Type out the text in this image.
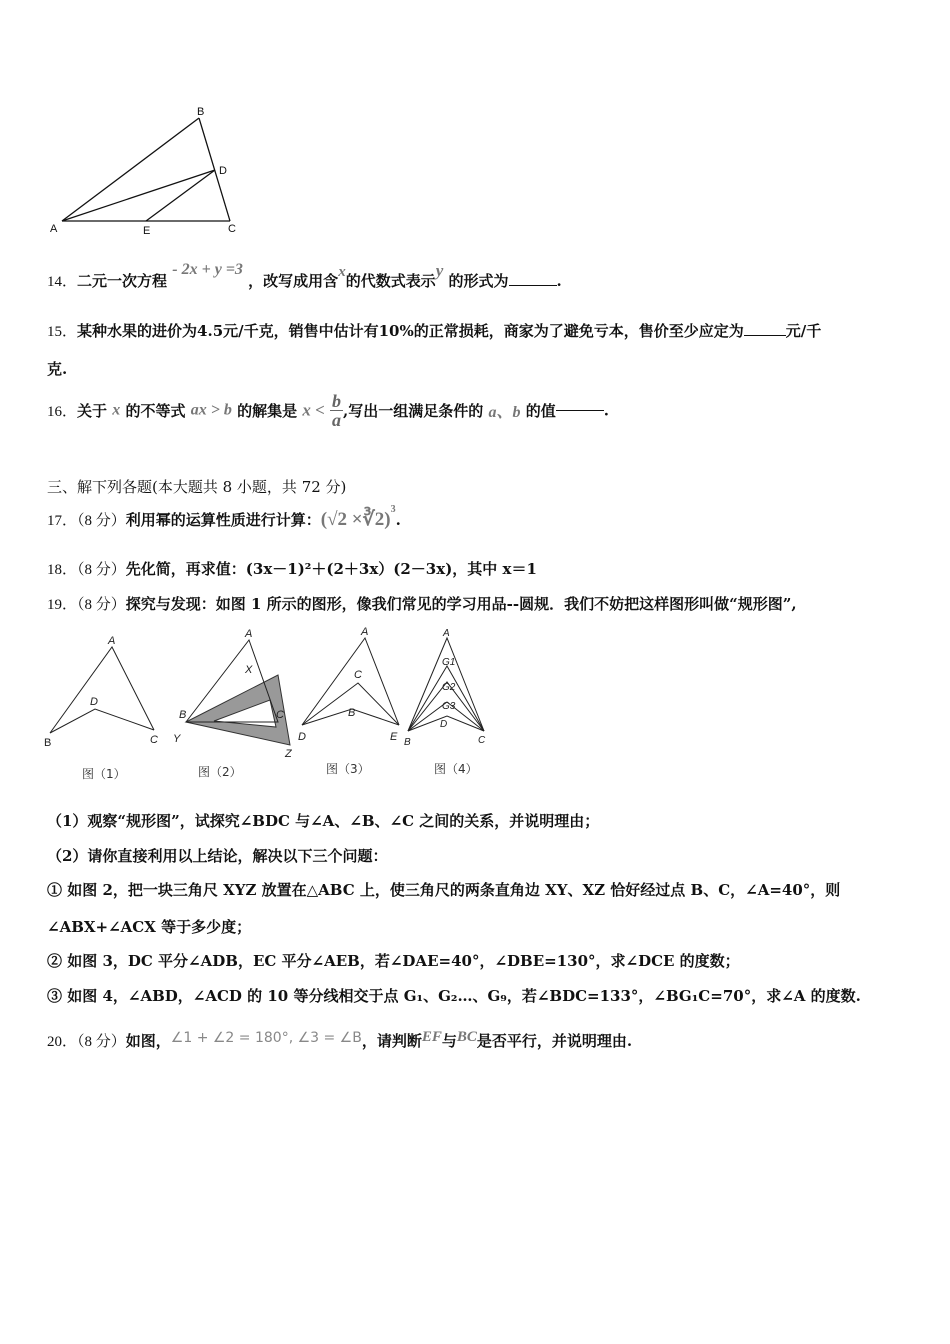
A
B
C
D
E
14．二元一次方程 - 2x + y =3 ，改写成用含x的代数式表示y 的形式为	.
15．某种水果的进价为4.5元/千克，销售中估计有10%的正常损耗，商家为了避免亏本，售价至少应定为	元/千
克.
16．关于 x 的不等式 ax > b 的解集是 $x < \frac{b}{a}$ ,写出一组满足条件的 a、b 的值	.
三、解下列各题(本大题共 8 小题，共 72 分)
17．（8 分）利用幂的运算性质进行计算：(√2 ×∛2)$^3$.
18．（8 分）先化简，再求值：(3x－1)²＋(2＋3x）(2－3x)，其中 x＝1
19．（8 分）探究与发现：如图 1 所示的图形，像我们常见的学习用品--圆规．我们不妨把这样图形叫做“规形图”,
A
B	C
D
图（1）
A
X
B	C
Y
Z
图（2）
A
C
B
D	E
图（3）
A
G1
G2
G3
D
B	C
图（4）
（1）观察“规形图”，试探究∠BDC 与∠A、∠B、∠C 之间的关系，并说明理由；
（2）请你直接利用以上结论，解决以下三个问题：
① 如图 2，把一块三角尺 XYZ 放置在△ABC 上，使三角尺的两条直角边 XY、XZ 恰好经过点 B、C，∠A=40°，则
∠ABX+∠ACX 等于多少度；
② 如图 3，DC 平分∠ADB，EC 平分∠AEB，若∠DAE=40°，∠DBE=130°，求∠DCE 的度数；
③ 如图 4，∠ABD，∠ACD 的 10 等分线相交于点 G₁、G₂…、G₉，若∠BDC=133°，∠BG₁C=70°，求∠A 的度数.
20．（8 分）如图，∠1 + ∠2 = 180°, ∠3 = ∠B，请判断EF与BC是否平行，并说明理由.
